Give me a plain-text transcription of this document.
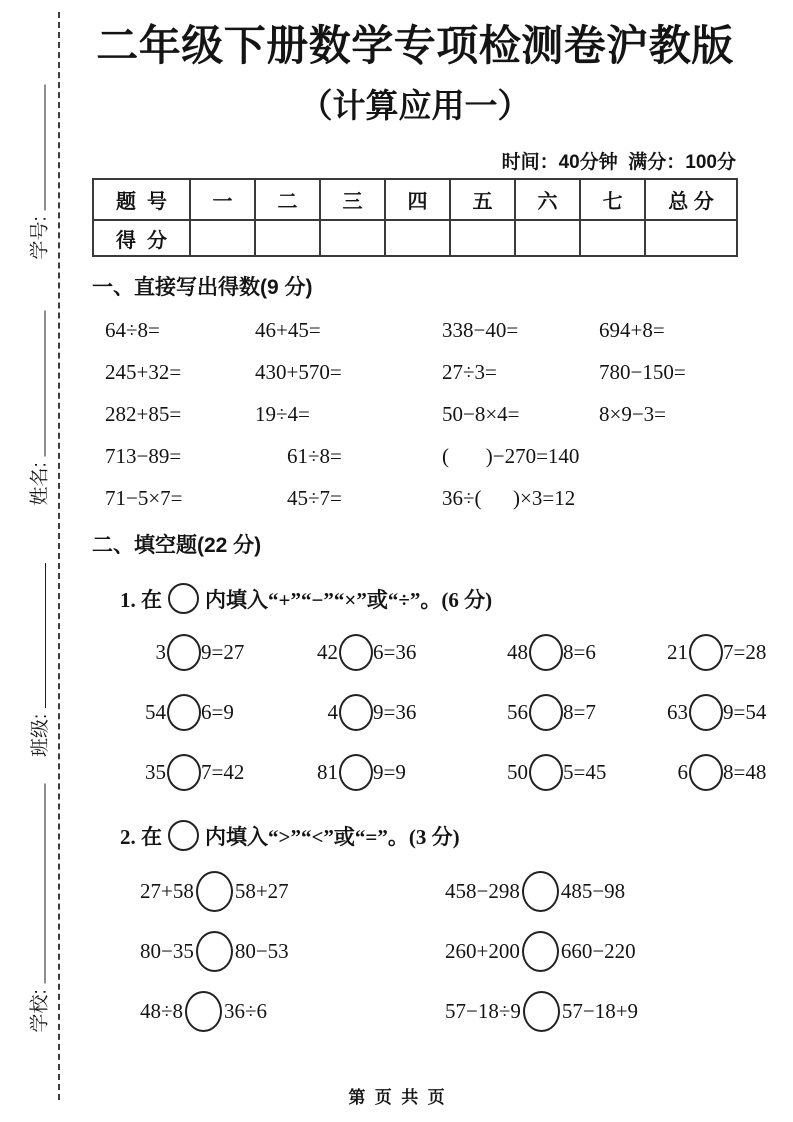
学号:
姓名:
班级:
学校:
二年级下册数学专项检测卷沪教版
（计算应用一）
时间：40分钟  满分：100分
题  号	一	二	三	四	五	六	七	总 分
得  分								
一、直接写出得数(9 分)
64÷8=	46+45=	338−40=	694+8=
245+32=	430+570=	27÷3=	780−150=
282+85=	19÷4=	50−8×4=	8×9−3=
713−89=	61÷8=	(       )−270=140
71−5×7=	45÷7=	36÷(      )×3=12
二、填空题(22 分)
1. 在 内填入“+”“−”“×”或“÷”。(6 分)
3 9=27	42 6=36	48 8=6	21 7=28
54 6=9	4 9=36	56 8=7	63 9=54
35 7=42	81 9=9	50 5=45	6 8=48
2. 在 内填入“>”“<”或“=”。(3 分)
27+58 58+27	458−298 485−98
80−35 80−53	260+200 660−220
48÷8 36÷6	57−18÷9 57−18+9
第  页  共  页
